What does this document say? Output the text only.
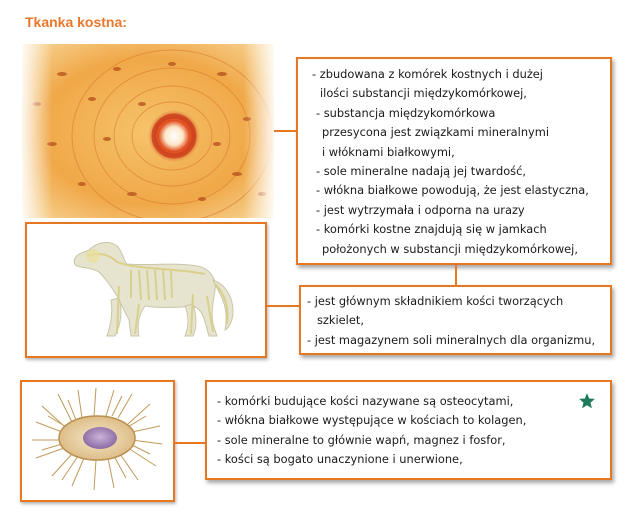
Tkanka kostna:
- zbudowana z komórek kostnych i dużej
ilości substancji międzykomórkowej,
- substancja międzykomórkowa
przesycona jest związkami mineralnymi
i włóknami białkowymi,
- sole mineralne nadają jej twardość,
- włókna białkowe powodują, że jest elastyczna,
- jest wytrzymała i odporna na urazy
- komórki kostne znajdują się w jamkach
położonych w substancji międzykomórkowej,
- jest głównym składnikiem kości tworzących
szkielet,
- jest magazynem soli mineralnych dla organizmu,
- komórki budujące kości nazywane są osteocytami,
- włókna białkowe występujące w kościach to kolagen,
- sole mineralne to głównie wapń, magnez i fosfor,
- kości są bogato unaczynione i unerwione,
